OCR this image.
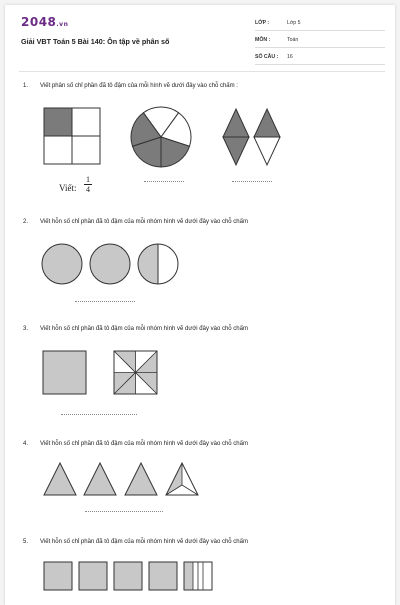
2048.vn
Giải VBT Toán 5 Bài 140: Ôn tập về phân số
LỚP :	Lớp 5
MÔN :	Toán
SỐ CÂU : 16
1. Viết phân số chỉ phần đã tô đậm của mỗi hình vẽ dưới đây vào chỗ chấm :
Viết:
1
4
2. Viết hỗn số chỉ phần đã tô đậm của mỗi nhóm hình vẽ dưới đây vào chỗ chấm
3. Viết hỗn số chỉ phần đã tô đậm của mỗi nhóm hình vẽ dưới đây vào chỗ chấm
4. Viết hỗn số chỉ phần đã tô đậm của mỗi nhóm hình vẽ dưới đây vào chỗ chấm
5. Viết hỗn số chỉ phần đã tô đậm của mỗi nhóm hình vẽ dưới đây vào chỗ chấm
